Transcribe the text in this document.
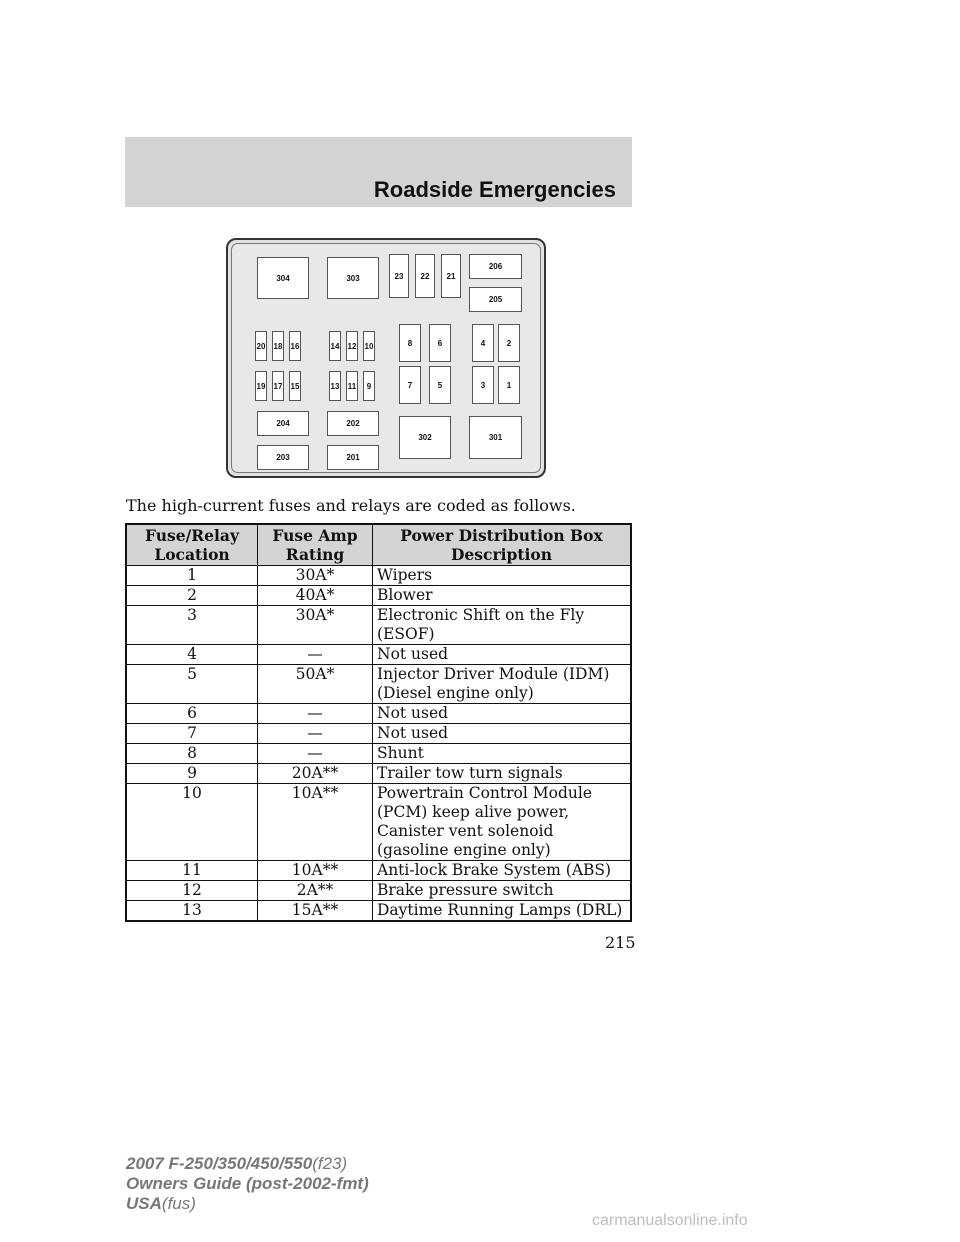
Roadside Emergencies
304	303	23	22	21
206
205
20 18 16	14 12 10	8	6	4	2
19 17 15	13 11	9	7	5	3	1
204	202
302	301
203	201

The high-current fuses and relays are coded as follows.

Fuse/Relay Location	Fuse Amp Rating	Power Distribution Box Description
1	30A*	Wipers
2	40A*	Blower
3	30A*	Electronic Shift on the Fly (ESOF)
4	—	Not used
5	50A*	Injector Driver Module (IDM) (Diesel engine only)
6	—	Not used
7	—	Not used
8	—	Shunt
9	20A**	Trailer tow turn signals
10	10A**	Powertrain Control Module (PCM) keep alive power, Canister vent solenoid (gasoline engine only)
11	10A**	Anti-lock Brake System (ABS)
12	2A**	Brake pressure switch
13	15A**	Daytime Running Lamps (DRL)
215
2007 F-250/350/450/550(f23)
Owners Guide (post-2002-fmt)
USA(fus)
carmanualsonline.info
